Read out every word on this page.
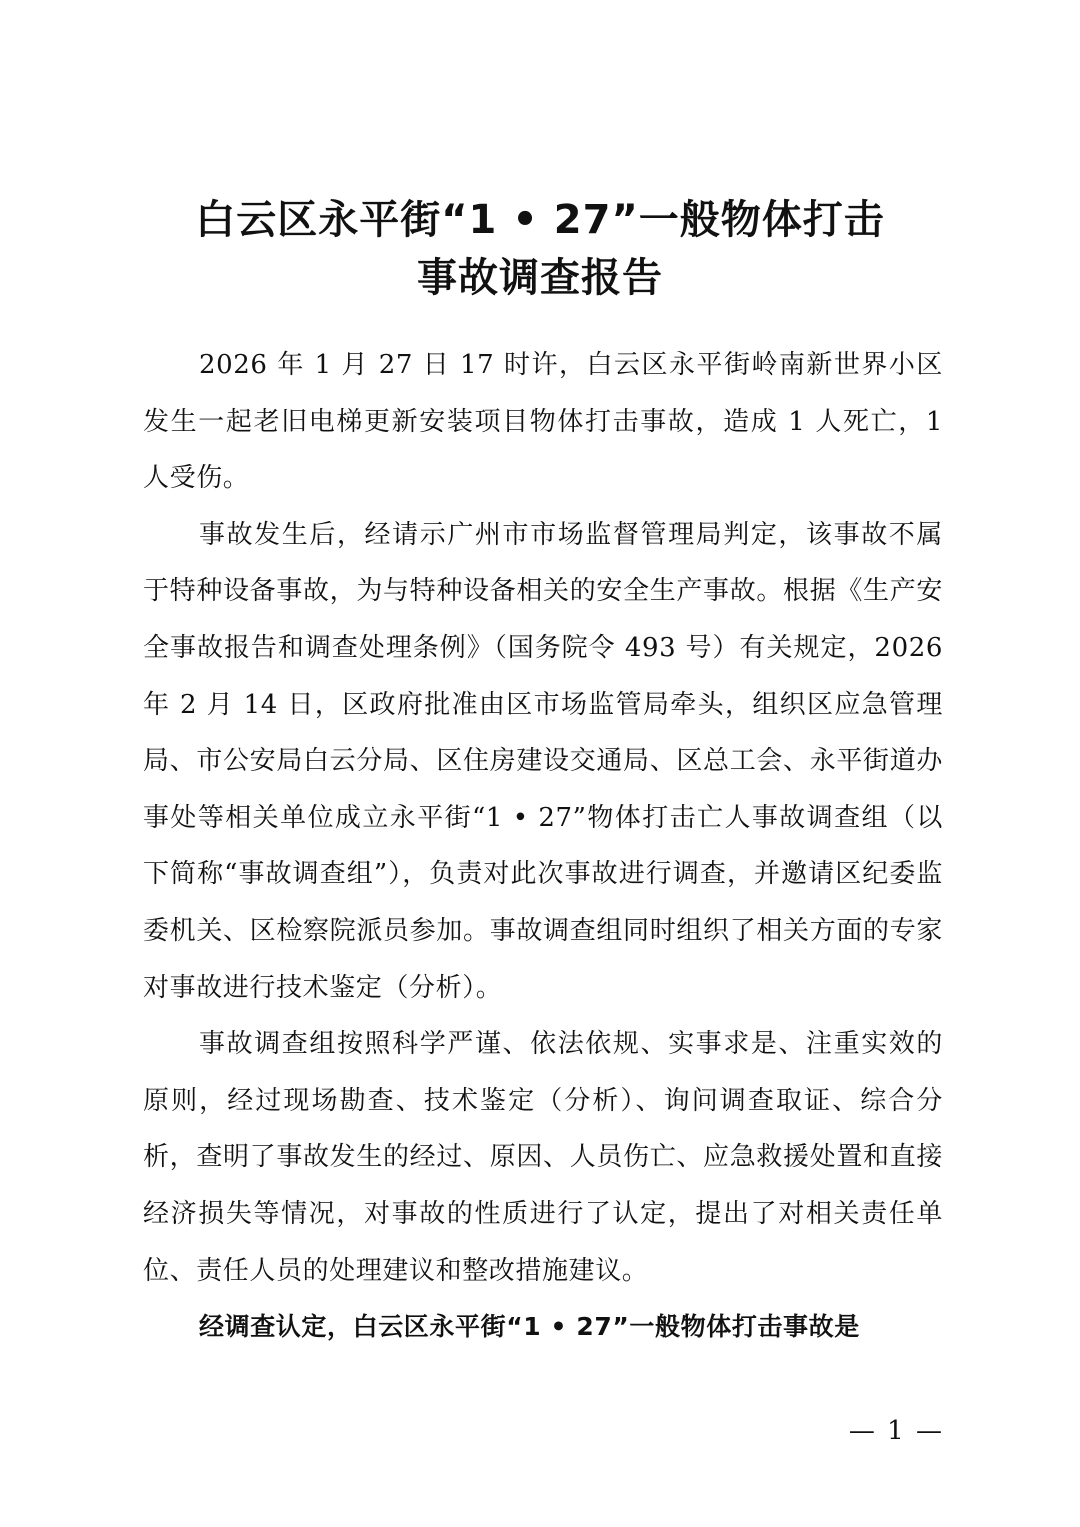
白云区永平街“1 • 27”一般物体打击
事故调查报告

2026 年 1 月 27 日 17 时许，白云区永平街岭南新世界小区发生一起老旧电梯更新安装项目物体打击事故，造成 1 人死亡，1 人受伤。

事故发生后，经请示广州市市场监督管理局判定，该事故不属于特种设备事故，为与特种设备相关的安全生产事故。根据《生产安全事故报告和调查处理条例》（国务院令 493 号）有关规定，2026 年 2 月 14 日，区政府批准由区市场监管局牵头，组织区应急管理局、市公安局白云分局、区住房建设交通局、区总工会、永平街道办事处等相关单位成立永平街“1 • 27”物体打击亡人事故调查组（以下简称“事故调查组”），负责对此次事故进行调查，并邀请区纪委监委机关、区检察院派员参加。事故调查组同时组织了相关方面的专家对事故进行技术鉴定（分析）。

事故调查组按照科学严谨、依法依规、实事求是、注重实效的原则，经过现场勘查、技术鉴定（分析）、询问调查取证、综合分析，查明了事故发生的经过、原因、人员伤亡、应急救援处置和直接经济损失等情况，对事故的性质进行了认定，提出了对相关责任单位、责任人员的处理建议和整改措施建议。

经调查认定，白云区永平街“1 • 27”一般物体打击事故是

— 1 —
